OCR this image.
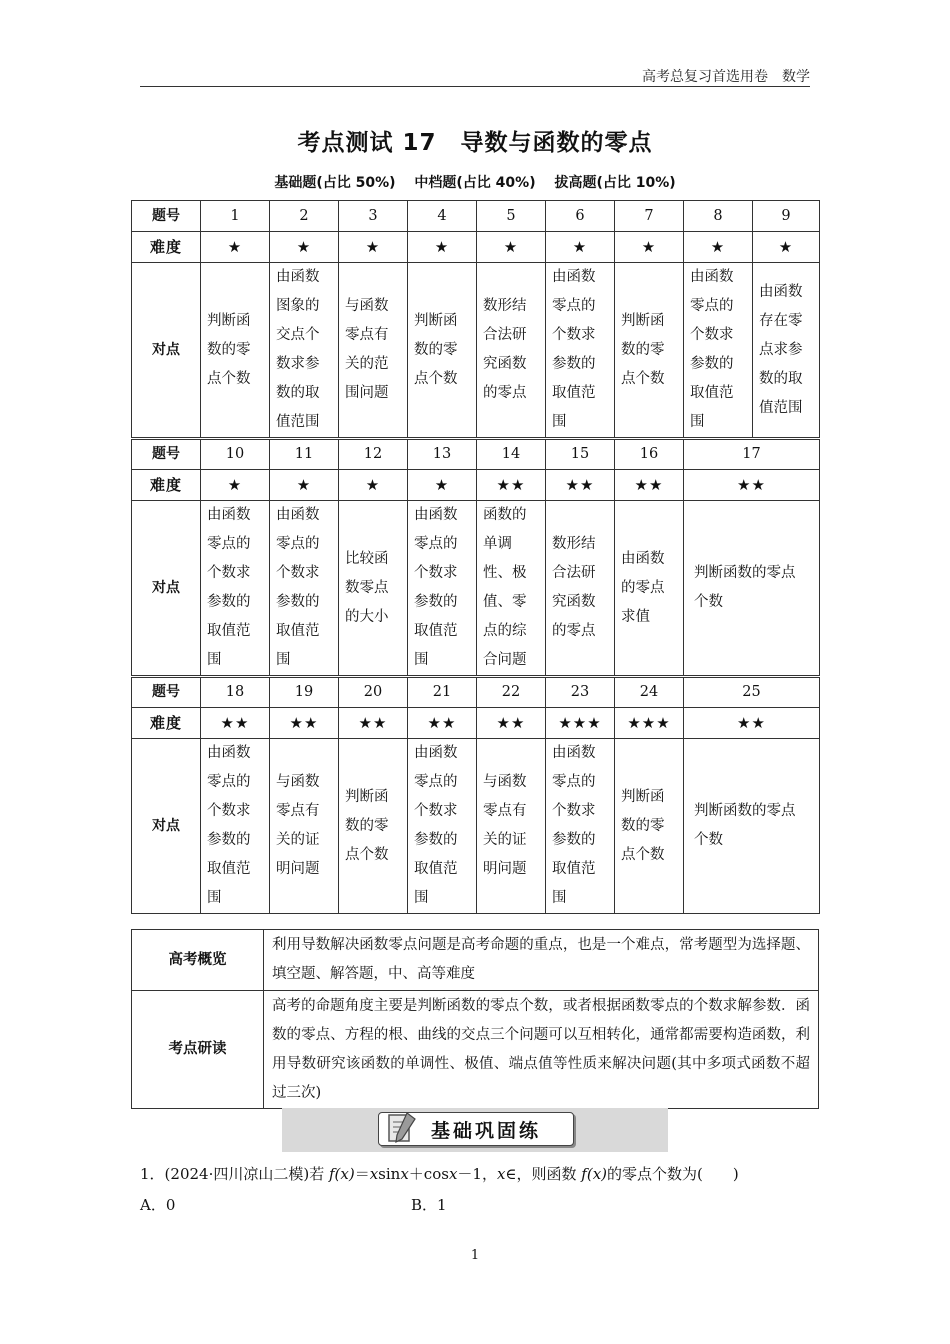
高考总复习首选用卷　数学
考点测试 17　导数与函数的零点
基础题(占比 50%) 中档题(占比 40%) 拔高题(占比 10%)
题号	1	2	3	4	5	6	7	8	9
难度	★	★	★	★	★	★	★	★	★
对点	判断函数的零点个数	由函数图象的交点个数求参数的取值范围	与函数零点有关的范围问题	判断函数的零点个数	数形结合法研究函数的零点	由函数零点的个数求参数的取值范围	判断函数的零点个数	由函数零点的个数求参数的取值范围	由函数存在零点求参数的取值范围
题号	10	11	12	13	14	15	16	17	
难度	★	★	★	★	★★	★★	★★	★★	
对点	由函数零点的个数求参数的取值范围	由函数零点的个数求参数的取值范围	比较函数零点的大小	由函数零点的个数求参数的取值范围	函数的单调性、极值、零点的综合问题	数形结合法研究函数的零点	由函数的零点求值	判断函数的零点个数	
题号	18	19	20	21	22	23	24	25	
难度	★★	★★	★★	★★	★★	★★★	★★★	★★	
对点	由函数零点的个数求参数的取值范围	与函数零点有关的证明问题	判断函数的零点个数	由函数零点的个数求参数的取值范围	与函数零点有关的证明问题	由函数零点的个数求参数的取值范围	判断函数的零点个数	判断函数的零点个数	
高考概览	利用导数解决函数零点问题是高考命题的重点，也是一个难点，常考题型为选择题、填空题、解答题，中、高等难度
考点研读	高考的命题角度主要是判断函数的零点个数，或者根据函数零点的个数求解参数．函数的零点、方程的根、曲线的交点三个问题可以互相转化，通常都需要构造函数，利用导数研究该函数的单调性、极值、端点值等性质来解决问题(其中多项式函数不超过三次)
基础巩固练
1．(2024·四川凉山二模)若 f(x)＝xsinx＋cosx－1，x∈，则函数 f(x)的零点个数为(　　)
A．0	B．1
1
